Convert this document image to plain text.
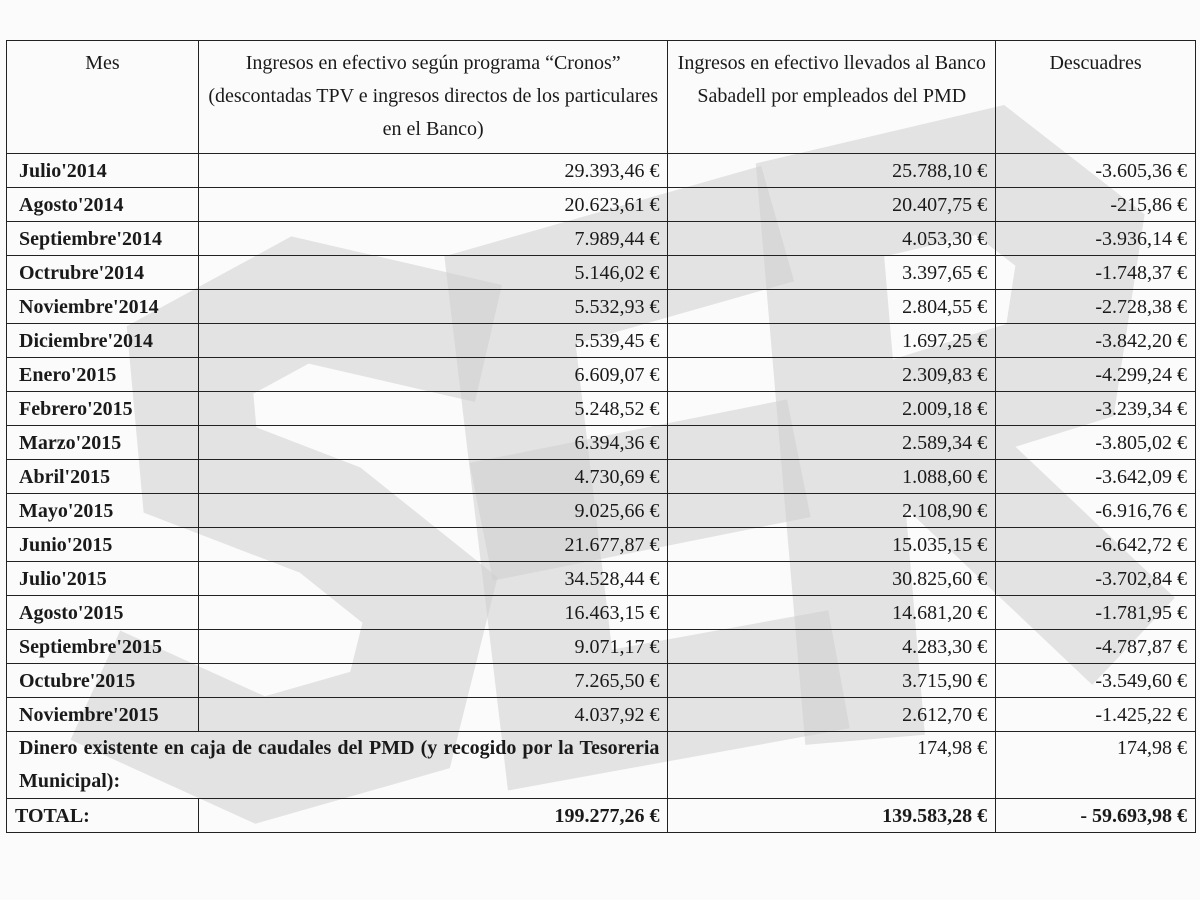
Mes	Ingresos en efectivo según programa “Cronos” (descontadas TPV e ingresos directos de los particulares en el Banco)	Ingresos en efectivo llevados al Banco Sabadell por empleados del PMD	Descuadres
Julio'2014	29.393,46 €	25.788,10 €	-3.605,36 €
Agosto'2014	20.623,61 €	20.407,75 €	-215,86 €
Septiembre'2014	7.989,44 €	4.053,30 €	-3.936,14 €
Octrubre'2014	5.146,02 €	3.397,65 €	-1.748,37 €
Noviembre'2014	5.532,93 €	2.804,55 €	-2.728,38 €
Diciembre'2014	5.539,45 €	1.697,25 €	-3.842,20 €
Enero'2015	6.609,07 €	2.309,83 €	-4.299,24 €
Febrero'2015	5.248,52 €	2.009,18 €	-3.239,34 €
Marzo'2015	6.394,36 €	2.589,34 €	-3.805,02 €
Abril'2015	4.730,69 €	1.088,60 €	-3.642,09 €
Mayo'2015	9.025,66 €	2.108,90 €	-6.916,76 €
Junio'2015	21.677,87 €	15.035,15 €	-6.642,72 €
Julio'2015	34.528,44 €	30.825,60 €	-3.702,84 €
Agosto'2015	16.463,15 €	14.681,20 €	-1.781,95 €
Septiembre'2015	9.071,17 €	4.283,30 €	-4.787,87 €
Octubre'2015	7.265,50 €	3.715,90 €	-3.549,60 €
Noviembre'2015	4.037,92 €	2.612,70 €	-1.425,22 €
Dinero existente en caja de caudales del PMD (y recogido por la Tesoreria Municipal):		174,98 €	174,98 €
TOTAL:	199.277,26 €	139.583,28 €	- 59.693,98 €
